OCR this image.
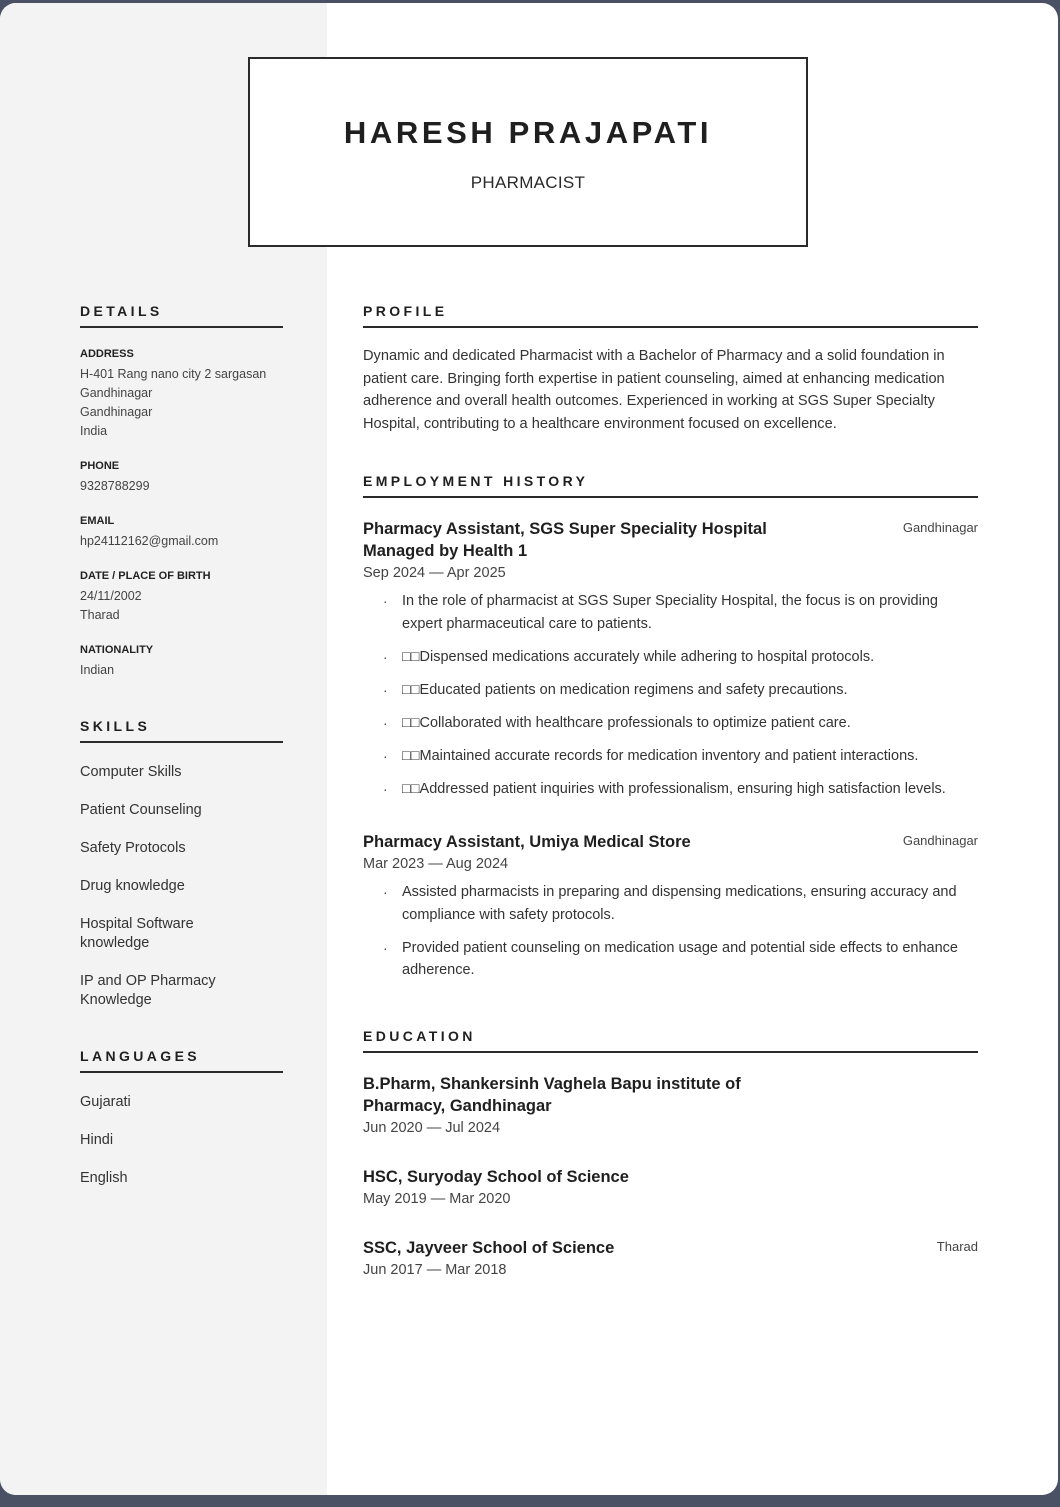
HARESH PRAJAPATI
PHARMACIST
DETAILS
ADDRESS
H-401 Rang nano city 2 sargasan
Gandhinagar
Gandhinagar
India
PHONE
9328788299
EMAIL
hp24112162@gmail.com
DATE / PLACE OF BIRTH
24/11/2002
Tharad
NATIONALITY
Indian
SKILLS
Computer Skills
Patient Counseling
Safety Protocols
Drug knowledge
Hospital Software knowledge
IP and OP Pharmacy Knowledge
LANGUAGES
Gujarati
Hindi
English
PROFILE
Dynamic and dedicated Pharmacist with a Bachelor of Pharmacy and a solid foundation in patient care. Bringing forth expertise in patient counseling, aimed at enhancing medication adherence and overall health outcomes. Experienced in working at SGS Super Specialty Hospital, contributing to a healthcare environment focused on excellence.
EMPLOYMENT HISTORY
Pharmacy Assistant, SGS Super Speciality Hospital Managed by Health 1
Gandhinagar
Sep 2024 — Apr 2025
· In the role of pharmacist at SGS Super Speciality Hospital, the focus is on providing expert pharmaceutical care to patients.
· □□Dispensed medications accurately while adhering to hospital protocols.
· □□Educated patients on medication regimens and safety precautions.
· □□Collaborated with healthcare professionals to optimize patient care.
· □□Maintained accurate records for medication inventory and patient interactions.
· □□Addressed patient inquiries with professionalism, ensuring high satisfaction levels.
Pharmacy Assistant, Umiya Medical Store	Gandhinagar
Mar 2023 — Aug 2024
· Assisted pharmacists in preparing and dispensing medications, ensuring accuracy and compliance with safety protocols.
· Provided patient counseling on medication usage and potential side effects to enhance adherence.
EDUCATION
B.Pharm, Shankersinh Vaghela Bapu institute of Pharmacy, Gandhinagar
Jun 2020 — Jul 2024
HSC, Suryoday School of Science
May 2019 — Mar 2020
SSC, Jayveer School of Science	Tharad
Jun 2017 — Mar 2018
